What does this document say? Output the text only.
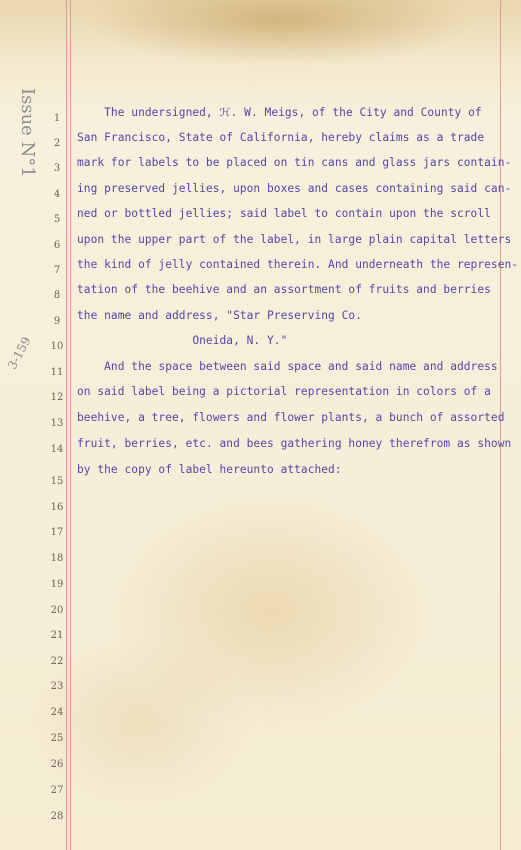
Issue N°1
3-159
1
2
3
4
5
6
7
8
9
10
11
12
13
14
15
16
17
18
19
20
21
22
23
24
25
26
27
28
The undersigned, ℋ. W. Meigs, of the City and County of
San Francisco, State of California, hereby claims as a trade
mark for labels to be placed on tin cans and glass jars contain-
ing preserved jellies, upon boxes and cases containing said can-
ned or bottled jellies; said label to contain upon the scroll
upon the upper part of the label, in large plain capital letters
the kind of jelly contained therein. And underneath the represen-
tation of the beehive and an assortment of fruits and berries
the name and address, "Star Preserving Co.
Oneida, N. Y."
And the space between said space and said name and address
on said label being a pictorial representation in colors of a
beehive, a tree, flowers and flower plants, a bunch of assorted
fruit, berries, etc. and bees gathering honey therefrom as shown
by the copy of label hereunto attached:
